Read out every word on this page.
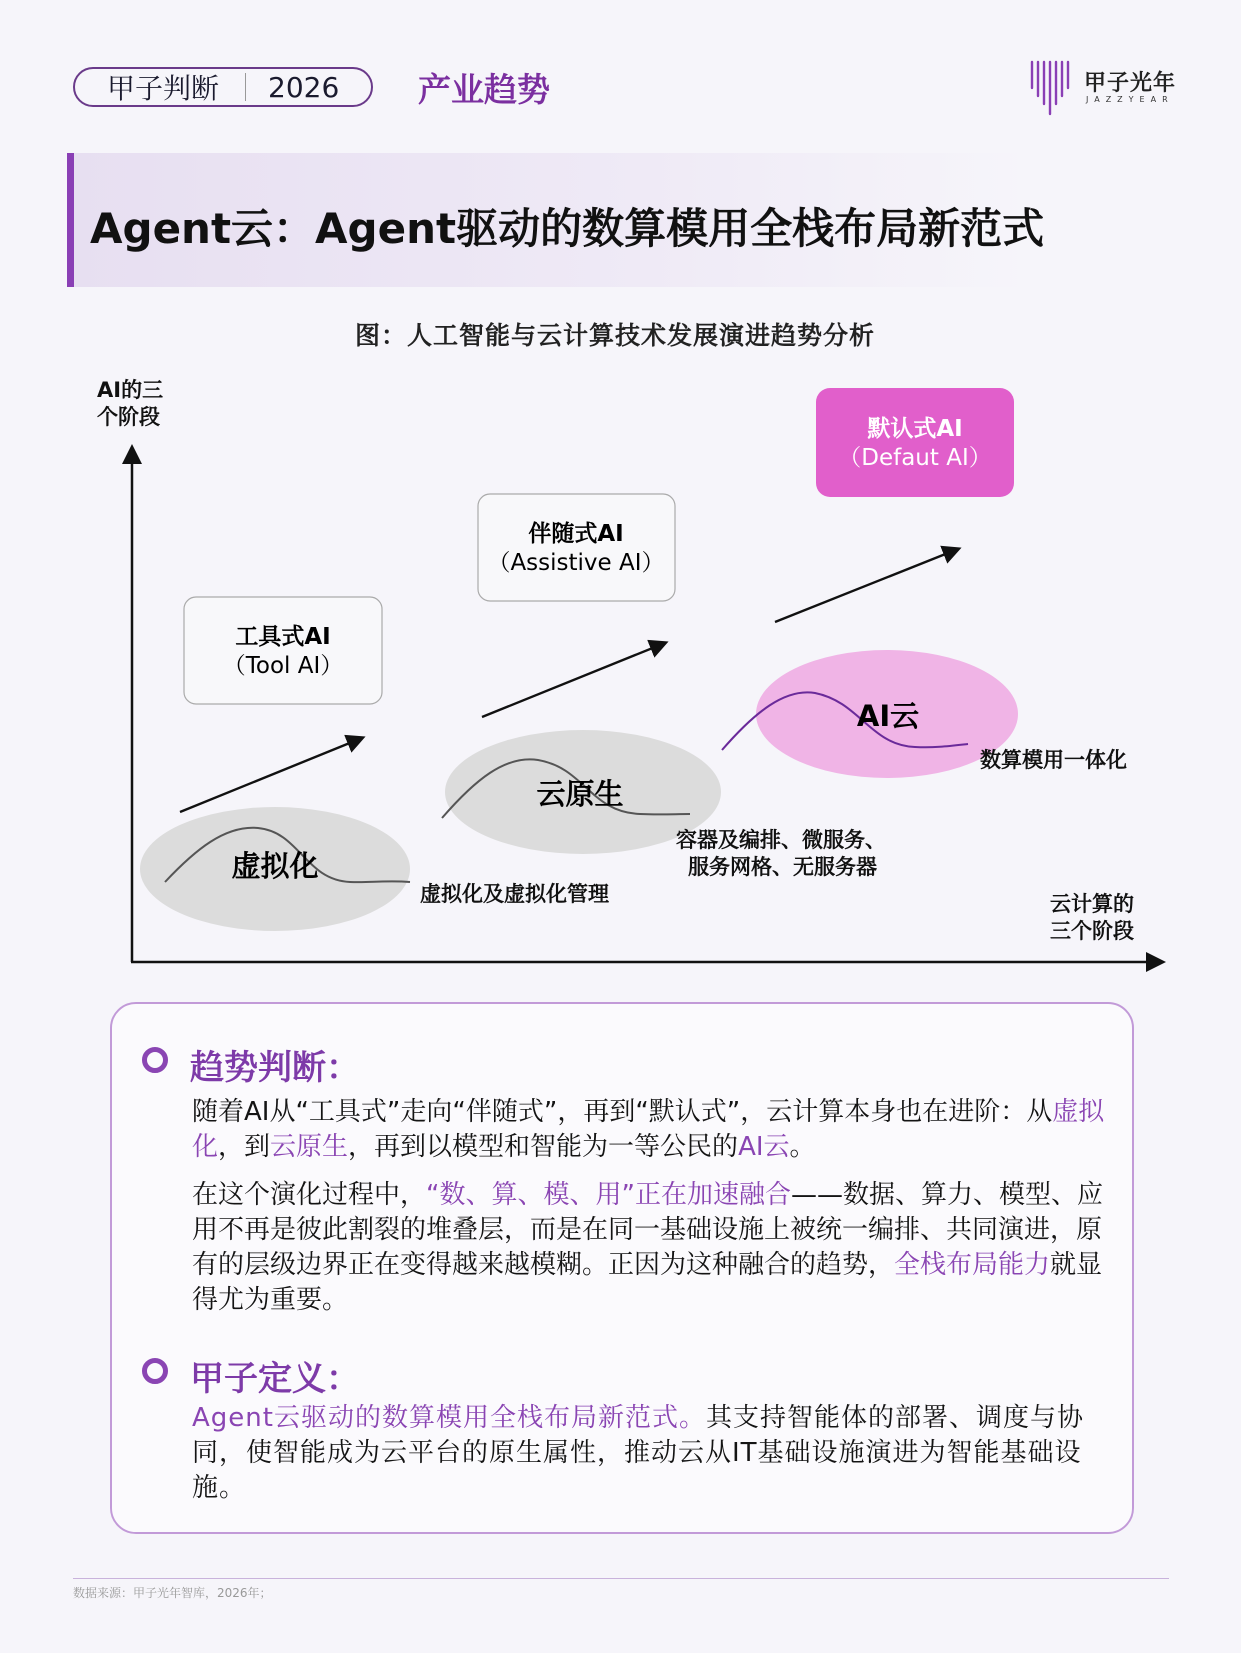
甲子判断 2026 产业趋势	甲子光年
JAZZYEAR
Agent云：Agent驱动的数算模用全栈布局新范式
图：人工智能与云计算技术发展演进趋势分析
AI的三
个阶段
云计算的
三个阶段
工具式AI
（Tool AI）
伴随式AI
（Assistive AI）
默认式AI
（Defaut AI）
虚拟化
云原生
AI云
虚拟化及虚拟化管理
容器及编排、微服务、
服务网格、无服务器
数算模用一体化
趋势判断：
随着AI从“工具式”走向“伴随式”，再到“默认式”，云计算本身也在进阶：从虚拟化，到云原生，再到以模型和智能为一等公民的AI云。
在这个演化过程中，“数、算、模、用”正在加速融合——数据、算力、模型、应用不再是彼此割裂的堆叠层，而是在同一基础设施上被统一编排、共同演进，原有的层级边界正在变得越来越模糊。正因为这种融合的趋势，全栈布局能力就显得尤为重要。
甲子定义：
Agent云驱动的数算模用全栈布局新范式。其支持智能体的部署、调度与协同，使智能成为云平台的原生属性，推动云从IT基础设施演进为智能基础设施。
数据来源：甲子光年智库，2026年；
